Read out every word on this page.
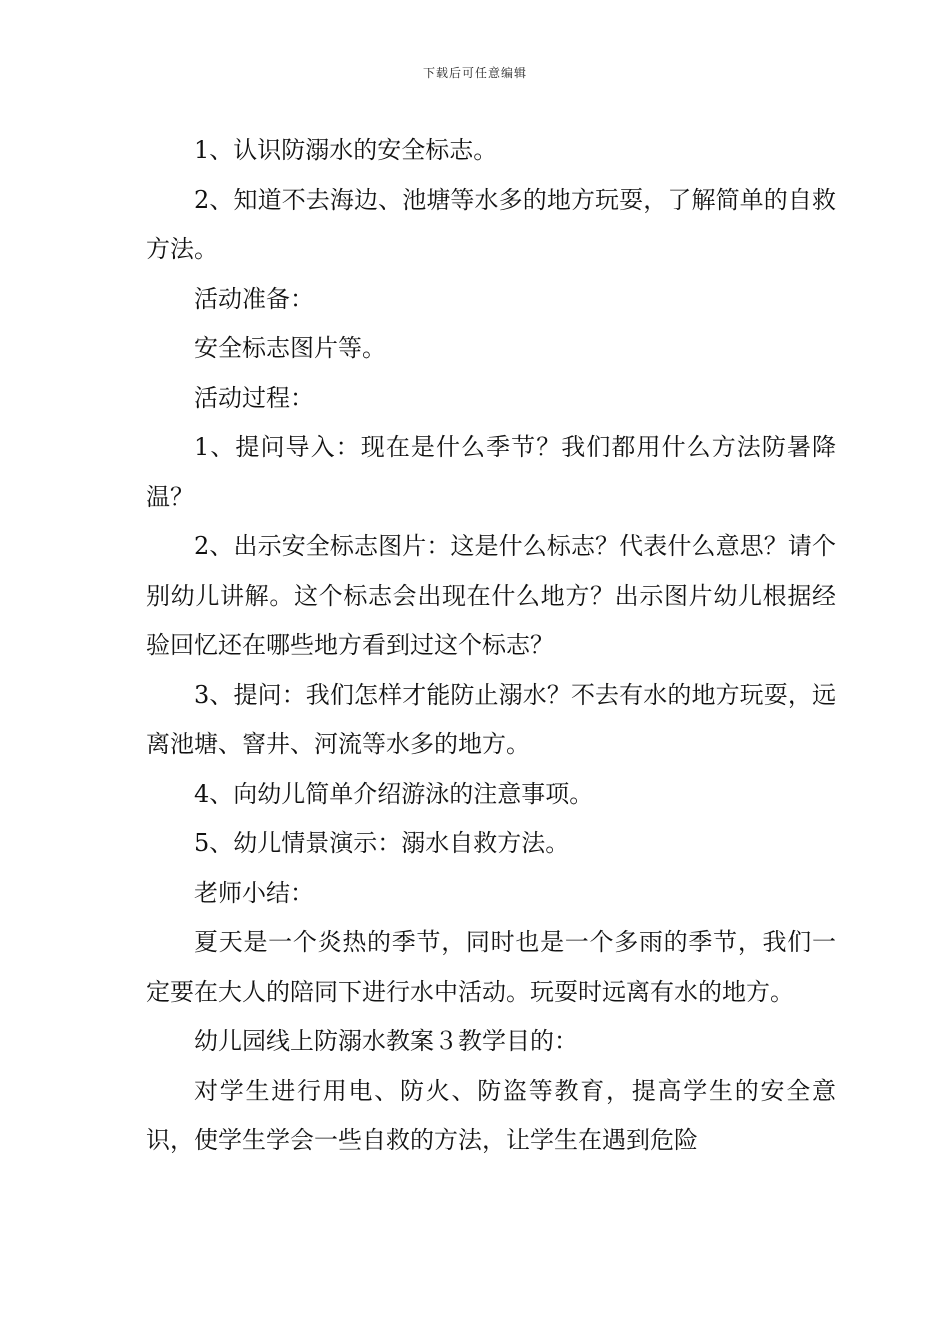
下载后可任意编辑

1、认识防溺水的安全标志。

2、知道不去海边、池塘等水多的地方玩耍，了解简单的自救方法。

活动准备：

安全标志图片等。

活动过程：

1、提问导入：现在是什么季节？我们都用什么方法防暑降温？

2、出示安全标志图片：这是什么标志？代表什么意思？请个别幼儿讲解。这个标志会出现在什么地方？出示图片幼儿根据经验回忆还在哪些地方看到过这个标志？

3、提问：我们怎样才能防止溺水？不去有水的地方玩耍，远离池塘、窨井、河流等水多的地方。

4、向幼儿简单介绍游泳的注意事项。

5、幼儿情景演示：溺水自救方法。

老师小结：

夏天是一个炎热的季节，同时也是一个多雨的季节，我们一定要在大人的陪同下进行水中活动。玩耍时远离有水的地方。

幼儿园线上防溺水教案３教学目的：

对学生进行用电、防火、防盗等教育，提高学生的安全意识，使学生学会一些自救的方法，让学生在遇到危险
